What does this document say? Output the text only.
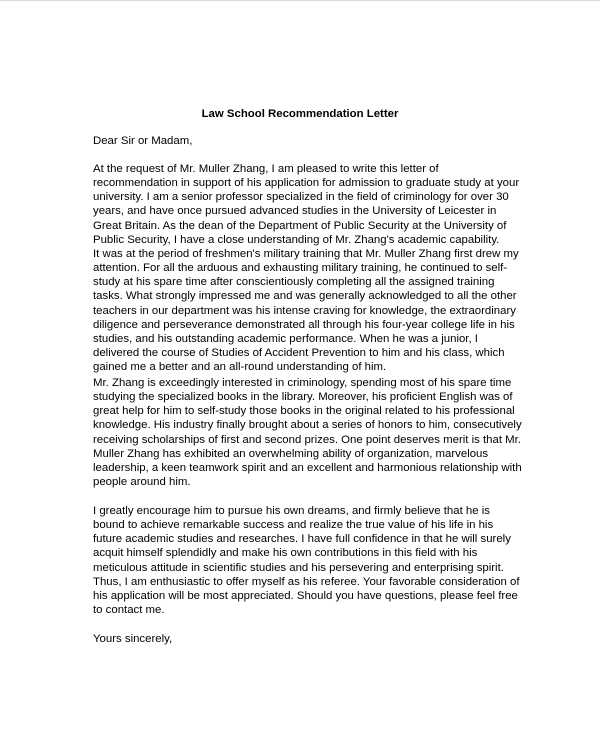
Law School Recommendation Letter
Dear Sir or Madam,
At the request of Mr. Muller Zhang, I am pleased to write this letter of
recommendation in support of his application for admission to graduate study at your
university. I am a senior professor specialized in the field of criminology for over 30
years, and have once pursued advanced studies in the University of Leicester in
Great Britain. As the dean of the Department of Public Security at the University of
Public Security, I have a close understanding of Mr. Zhang's academic capability.
It was at the period of freshmen's military training that Mr. Muller Zhang first drew my
attention. For all the arduous and exhausting military training, he continued to self-
study at his spare time after conscientiously completing all the assigned training
tasks. What strongly impressed me and was generally acknowledged to all the other
teachers in our department was his intense craving for knowledge, the extraordinary
diligence and perseverance demonstrated all through his four-year college life in his
studies, and his outstanding academic performance. When he was a junior, I
delivered the course of Studies of Accident Prevention to him and his class, which
gained me a better and an all-round understanding of him.
Mr. Zhang is exceedingly interested in criminology, spending most of his spare time
studying the specialized books in the library. Moreover, his proficient English was of
great help for him to self-study those books in the original related to his professional
knowledge. His industry finally brought about a series of honors to him, consecutively
receiving scholarships of first and second prizes. One point deserves merit is that Mr.
Muller Zhang has exhibited an overwhelming ability of organization, marvelous
leadership, a keen teamwork spirit and an excellent and harmonious relationship with
people around him.
I greatly encourage him to pursue his own dreams, and firmly believe that he is
bound to achieve remarkable success and realize the true value of his life in his
future academic studies and researches. I have full confidence in that he will surely
acquit himself splendidly and make his own contributions in this field with his
meticulous attitude in scientific studies and his persevering and enterprising spirit.
Thus, I am enthusiastic to offer myself as his referee. Your favorable consideration of
his application will be most appreciated. Should you have questions, please feel free
to contact me.
Yours sincerely,
